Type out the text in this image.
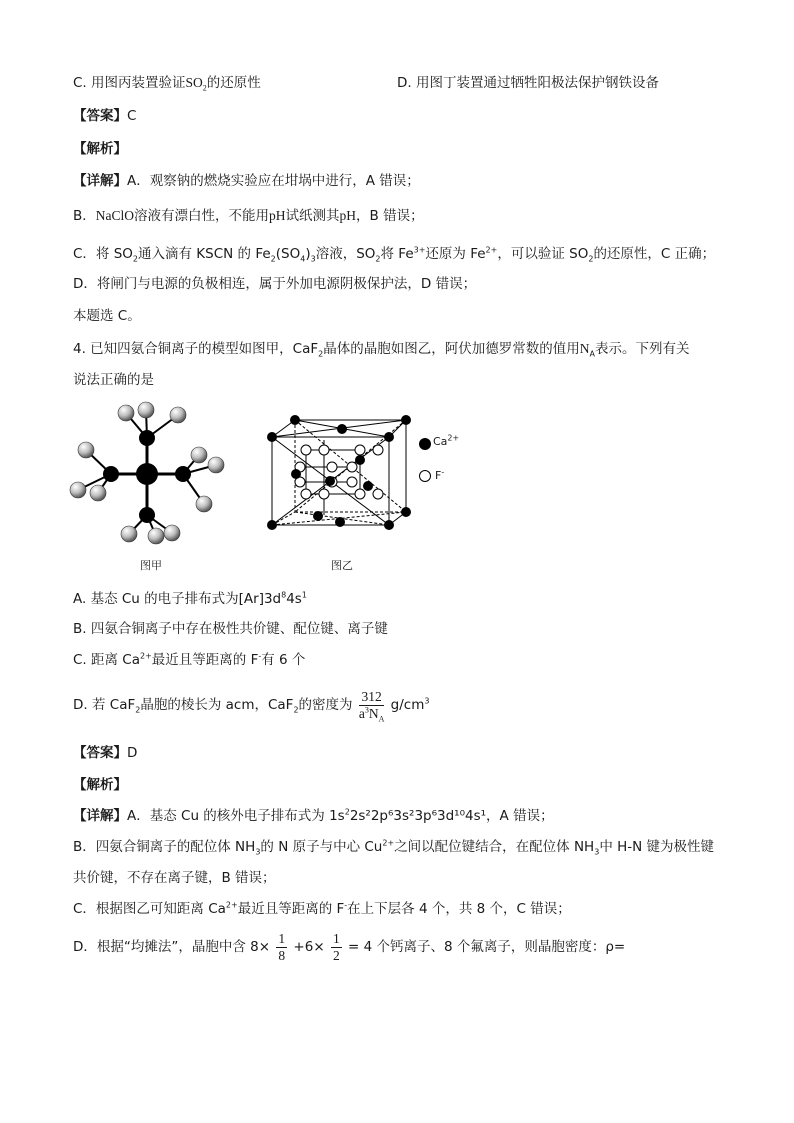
C. 用图丙装置验证$SO_2$的还原性	D. 用图丁装置通过牺牲阳极法保护钢铁设备
【答案】C
【解析】
【详解】A．观察钠的燃烧实验应在坩埚中进行，A 错误；
B．NaClO溶液有漂白性，不能用pH试纸测其pH，B 错误；
C．将 $SO_2$通入滴有 KSCN 的 $Fe_2(SO_4)_3$溶液，$SO_2$将 $Fe^{3+}$还原为 $Fe^{2+}$，可以验证 $SO_2$的还原性，C 正确；
D．将闸门与电源的负极相连，属于外加电源阴极保护法，D 错误；
本题选 C。
4. 已知四氨合铜离子的模型如图甲，CaF$_2$晶体的晶胞如图乙，阿伏加德罗常数的值用$N_A$表示。下列有关
说法正确的是
图甲
$Ca^{2+}$
F-
图乙
A. 基态 Cu 的电子排布式为$[Ar]3d^84s^1$
B. 四氨合铜离子中存在极性共价键、配位键、离子键
C. 距离 $Ca^{2+}$最近且等距离的 F-有 6 个
D. 若 CaF$_2$晶胞的棱长为 acm，CaF$_2$的密度为 $\frac{312}{a^3N_A} g/cm^3$
【答案】D
【解析】
【详解】A．基态 Cu 的核外电子排布式为 $1s^22s^22p^63s^23p^63d^{10}4s^1$，A 错误；
B．四氨合铜离子的配位体 $NH_3$的 N 原子与中心 $Cu^{2+}$之间以配位键结合，在配位体 $NH_3$中 H-N 键为极性键
共价键，不存在离子键，B 错误；
C．根据图乙可知距离 $Ca^{2+}$最近且等距离的 F-在上下层各 4 个，共 8 个，C 错误；
D．根据“均摊法”，晶胞中含 $8\times \frac{1}{8} +6\times \frac{1}{2} = 4$ 个钙离子、8 个氟离子，则晶胞密度：ρ=
